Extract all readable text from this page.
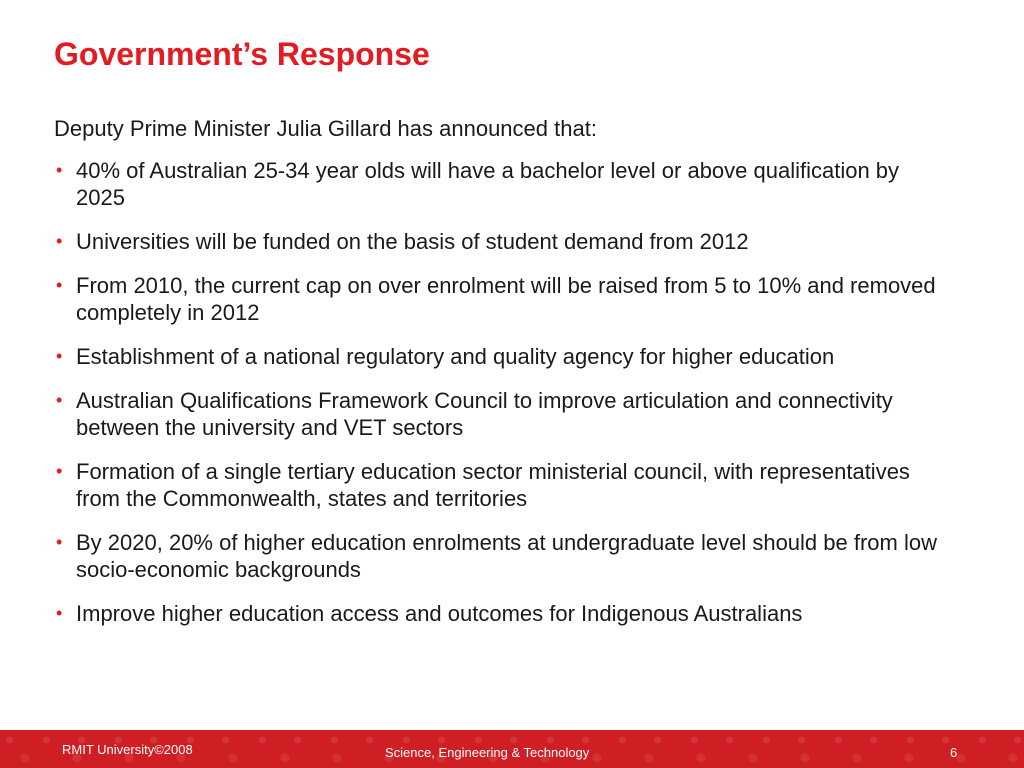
Government’s Response

Deputy Prime Minister Julia Gillard has announced that:

• 40% of Australian 25-34 year olds will have a bachelor level or above qualification by 2025
• Universities will be funded on the basis of student demand from 2012
• From 2010, the current cap on over enrolment will be raised from 5 to 10% and removed completely in 2012
• Establishment of a national regulatory and quality agency for higher education
• Australian Qualifications Framework Council to improve articulation and connectivity between the university and VET sectors
• Formation of a single tertiary education sector ministerial council, with representatives from the Commonwealth, states and territories
• By 2020, 20% of higher education enrolments at undergraduate level should be from low socio-economic backgrounds
• Improve higher education access and outcomes for Indigenous Australians
RMIT University©2008	Science, Engineering & Technology	6
